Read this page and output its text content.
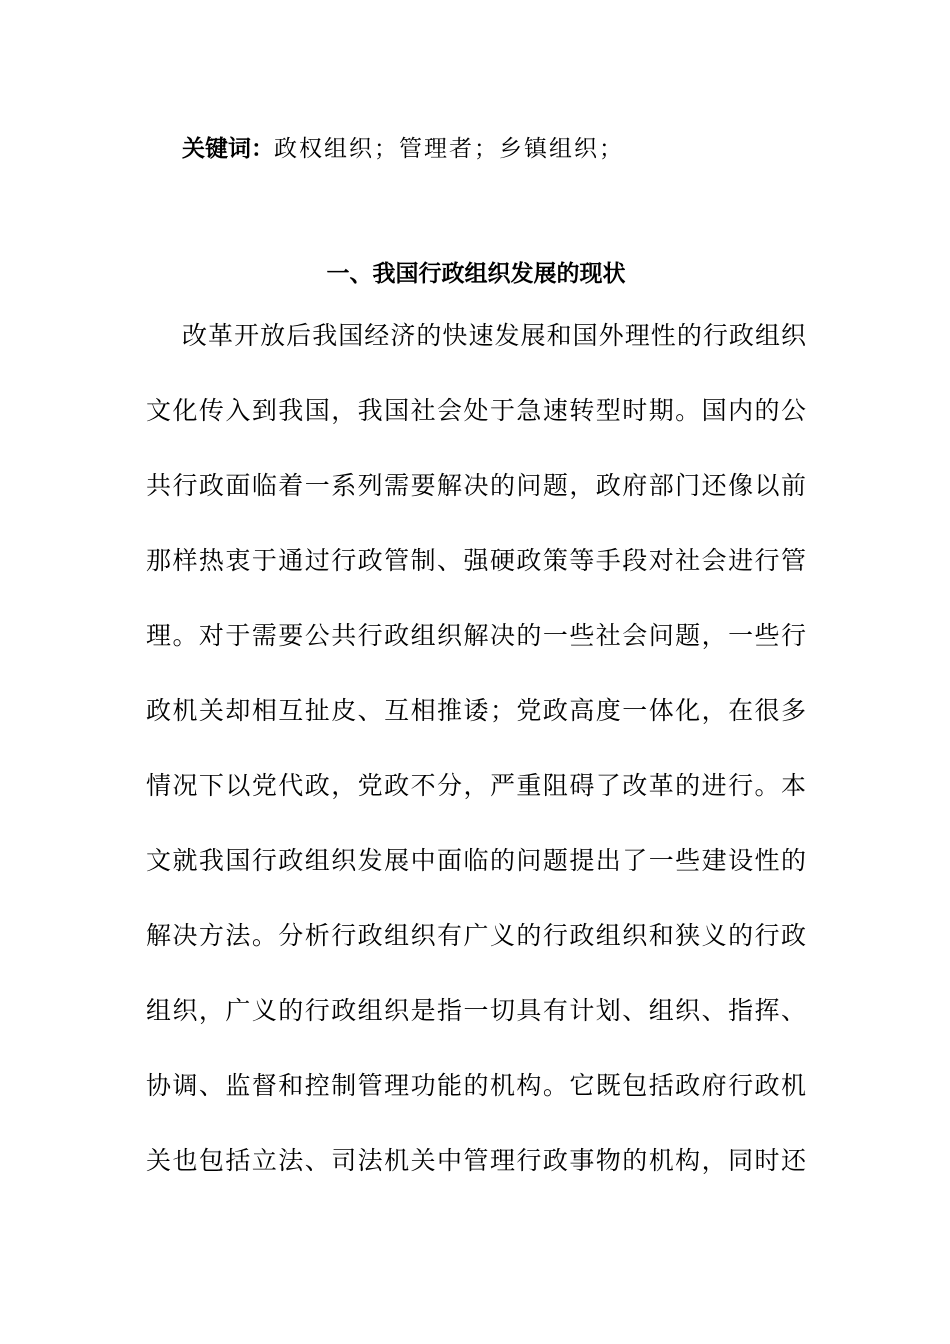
关键词：政权组织；管理者；乡镇组织；
一、我国行政组织发展的现状
改革开放后我国经济的快速发展和国外理性的行政组织
文化传入到我国，我国社会处于急速转型时期。国内的公
共行政面临着一系列需要解决的问题，政府部门还像以前
那样热衷于通过行政管制、强硬政策等手段对社会进行管
理。对于需要公共行政组织解决的一些社会问题，一些行
政机关却相互扯皮、互相推诿；党政高度一体化，在很多
情况下以党代政，党政不分，严重阻碍了改革的进行。本
文就我国行政组织发展中面临的问题提出了一些建设性的
解决方法。分析行政组织有广义的行政组织和狭义的行政
组织，广义的行政组织是指一切具有计划、组织、指挥、
协调、监督和控制管理功能的机构。它既包括政府行政机
关也包括立法、司法机关中管理行政事物的机构，同时还
